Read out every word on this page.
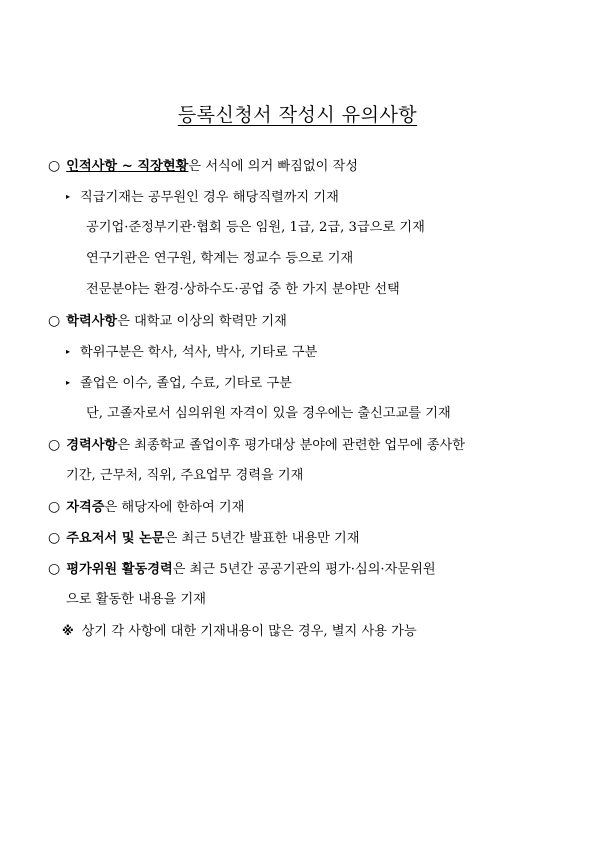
등록신청서 작성시 유의사항
○ 인적사항 ~ 직장현황은 서식에 의거 빠짐없이 작성
▸ 직급기재는 공무원인 경우 해당직렬까지 기재
공기업·준정부기관·협회 등은 임원, 1급, 2급, 3급으로 기재
연구기관은 연구원, 학계는 정교수 등으로 기재
전문분야는 환경·상하수도·공업 중 한 가지 분야만 선택
○ 학력사항은 대학교 이상의 학력만 기재
▸ 학위구분은 학사, 석사, 박사, 기타로 구분
▸ 졸업은 이수, 졸업, 수료, 기타로 구분
단, 고졸자로서 심의위원 자격이 있을 경우에는 출신고교를 기재
○ 경력사항은 최종학교 졸업이후 평가대상 분야에 관련한 업무에 종사한
기간, 근무처, 직위, 주요업무 경력을 기재
○ 자격증은 해당자에 한하여 기재
○ 주요저서 및 논문은 최근 5년간 발표한 내용만 기재
○ 평가위원 활동경력은 최근 5년간 공공기관의 평가·심의·자문위원
으로 활동한 내용을 기재
※ 상기 각 사항에 대한 기재내용이 많은 경우, 별지 사용 가능
